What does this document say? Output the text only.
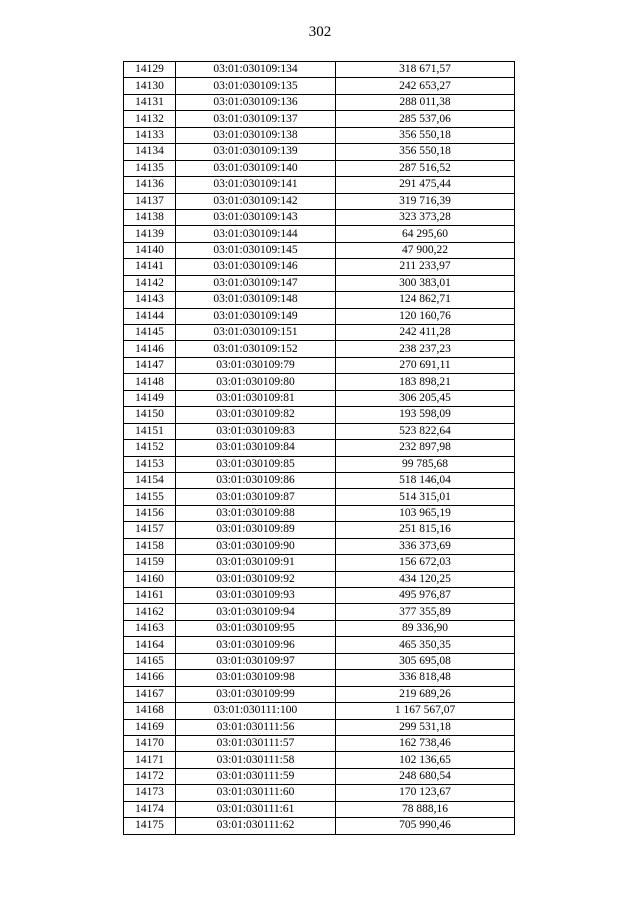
302
14129	03:01:030109:134	318 671,57
14130	03:01:030109:135	242 653,27
14131	03:01:030109:136	288 011,38
14132	03:01:030109:137	285 537,06
14133	03:01:030109:138	356 550,18
14134	03:01:030109:139	356 550,18
14135	03:01:030109:140	287 516,52
14136	03:01:030109:141	291 475,44
14137	03:01:030109:142	319 716,39
14138	03:01:030109:143	323 373,28
14139	03:01:030109:144	64 295,60
14140	03:01:030109:145	47 900,22
14141	03:01:030109:146	211 233,97
14142	03:01:030109:147	300 383,01
14143	03:01:030109:148	124 862,71
14144	03:01:030109:149	120 160,76
14145	03:01:030109:151	242 411,28
14146	03:01:030109:152	238 237,23
14147	03:01:030109:79	270 691,11
14148	03:01:030109:80	183 898,21
14149	03:01:030109:81	306 205,45
14150	03:01:030109:82	193 598,09
14151	03:01:030109:83	523 822,64
14152	03:01:030109:84	232 897,98
14153	03:01:030109:85	99 785,68
14154	03:01:030109:86	518 146,04
14155	03:01:030109:87	514 315,01
14156	03:01:030109:88	103 965,19
14157	03:01:030109:89	251 815,16
14158	03:01:030109:90	336 373,69
14159	03:01:030109:91	156 672,03
14160	03:01:030109:92	434 120,25
14161	03:01:030109:93	495 976,87
14162	03:01:030109:94	377 355,89
14163	03:01:030109:95	89 336,90
14164	03:01:030109:96	465 350,35
14165	03:01:030109:97	305 695,08
14166	03:01:030109:98	336 818,48
14167	03:01:030109:99	219 689,26
14168	03:01:030111:100	1 167 567,07
14169	03:01:030111:56	299 531,18
14170	03:01:030111:57	162 738,46
14171	03:01:030111:58	102 136,65
14172	03:01:030111:59	248 680,54
14173	03:01:030111:60	170 123,67
14174	03:01:030111:61	78 888,16
14175	03:01:030111:62	705 990,46
